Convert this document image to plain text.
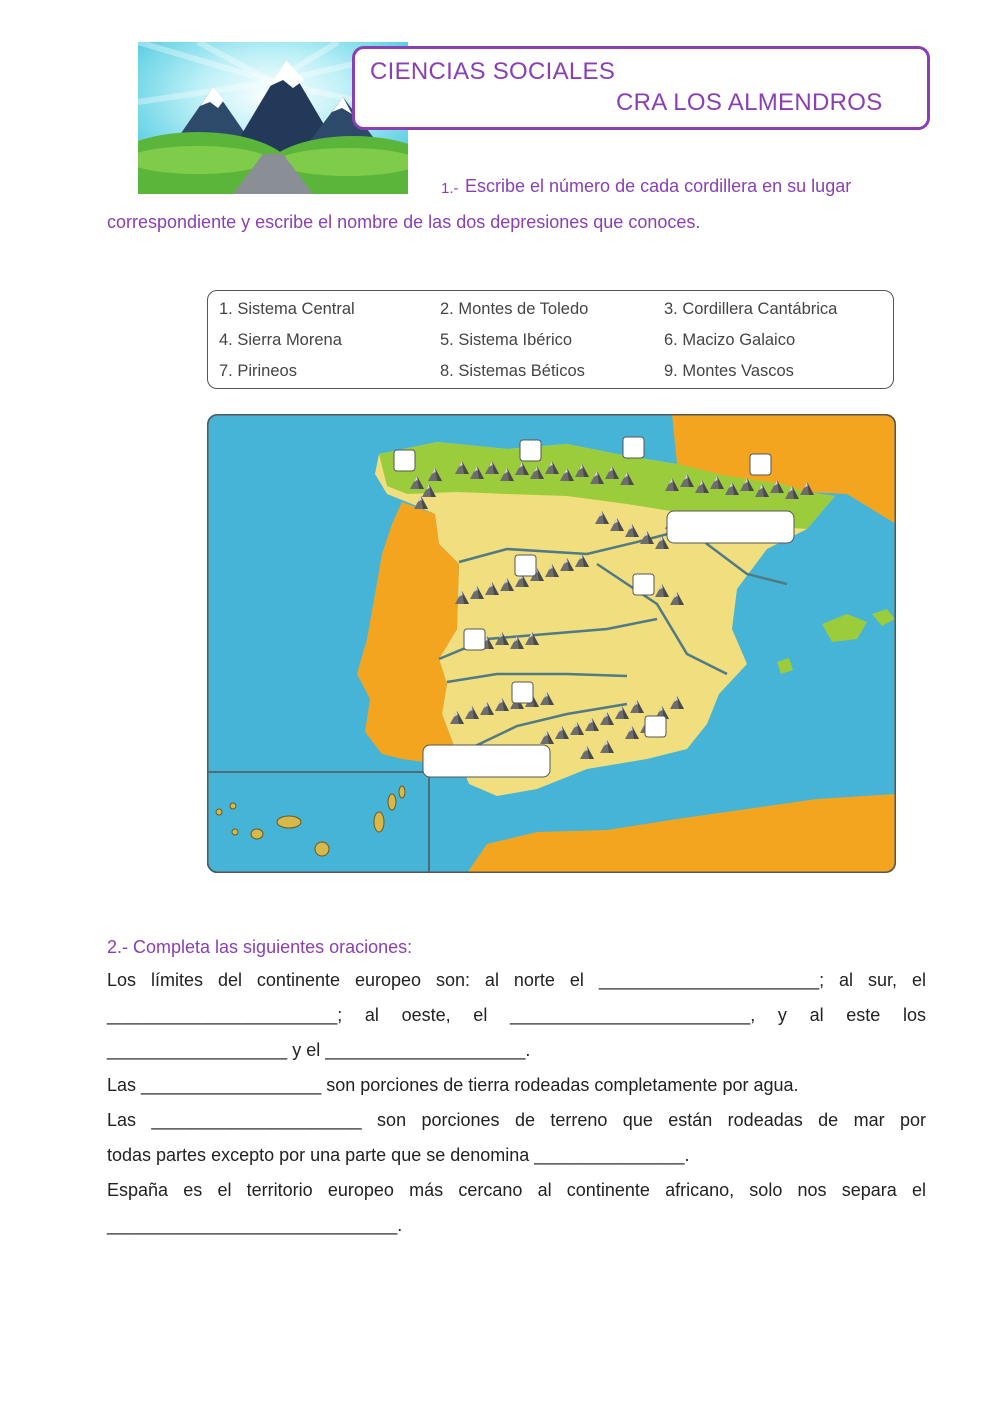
CIENCIAS SOCIALES
CRA LOS ALMENDROS
1.- Escribe el número de cada cordillera en su lugar
correspondiente y escribe el nombre de las dos depresiones que conoces.
1. Sistema Central	2. Montes de Toledo	3. Cordillera Cantábrica
4. Sierra Morena	5. Sistema Ibérico	6. Macizo Galaico
7. Pirineos	8. Sistemas Béticos	9. Montes Vascos
2.- Completa las siguientes oraciones:
Los límites del continente europeo son: al norte el ______________________; al sur, el
_______________________; al oeste, el ________________________, y al este los
__________________ y el ____________________.
Las __________________ son porciones de tierra rodeadas completamente por agua.
Las _____________________ son porciones de terreno que están rodeadas de mar por
todas partes excepto por una parte que se denomina _______________.
España es el territorio europeo más cercano al continente africano, solo nos separa el
_____________________________.
